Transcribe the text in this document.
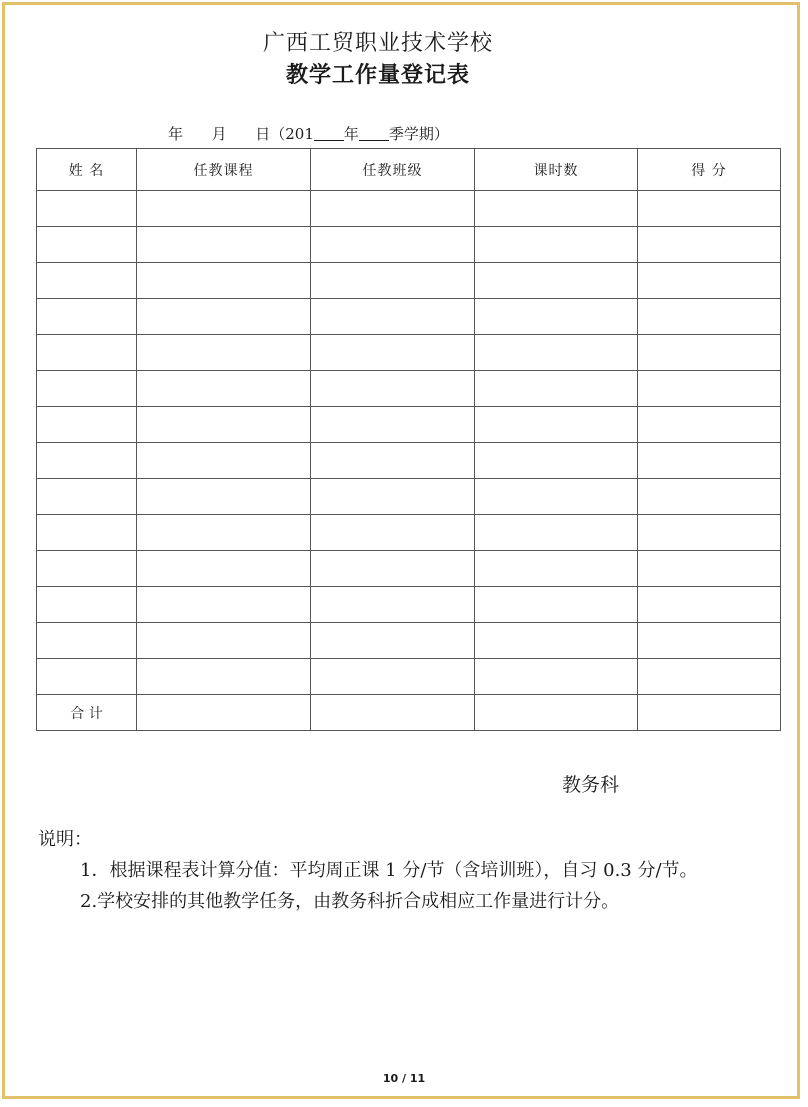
广西工贸职业技术学校
教学工作量登记表
年 月 日（201 年 季学期）
姓 名	任教课程	任教班级	课时数	得 分

合 计				
教务科
说明：
1．根据课程表计算分值：平均周正课 1 分/节（含培训班），自习 0.3 分/节。
2.学校安排的其他教学任务，由教务科折合成相应工作量进行计分。
10 / 11
